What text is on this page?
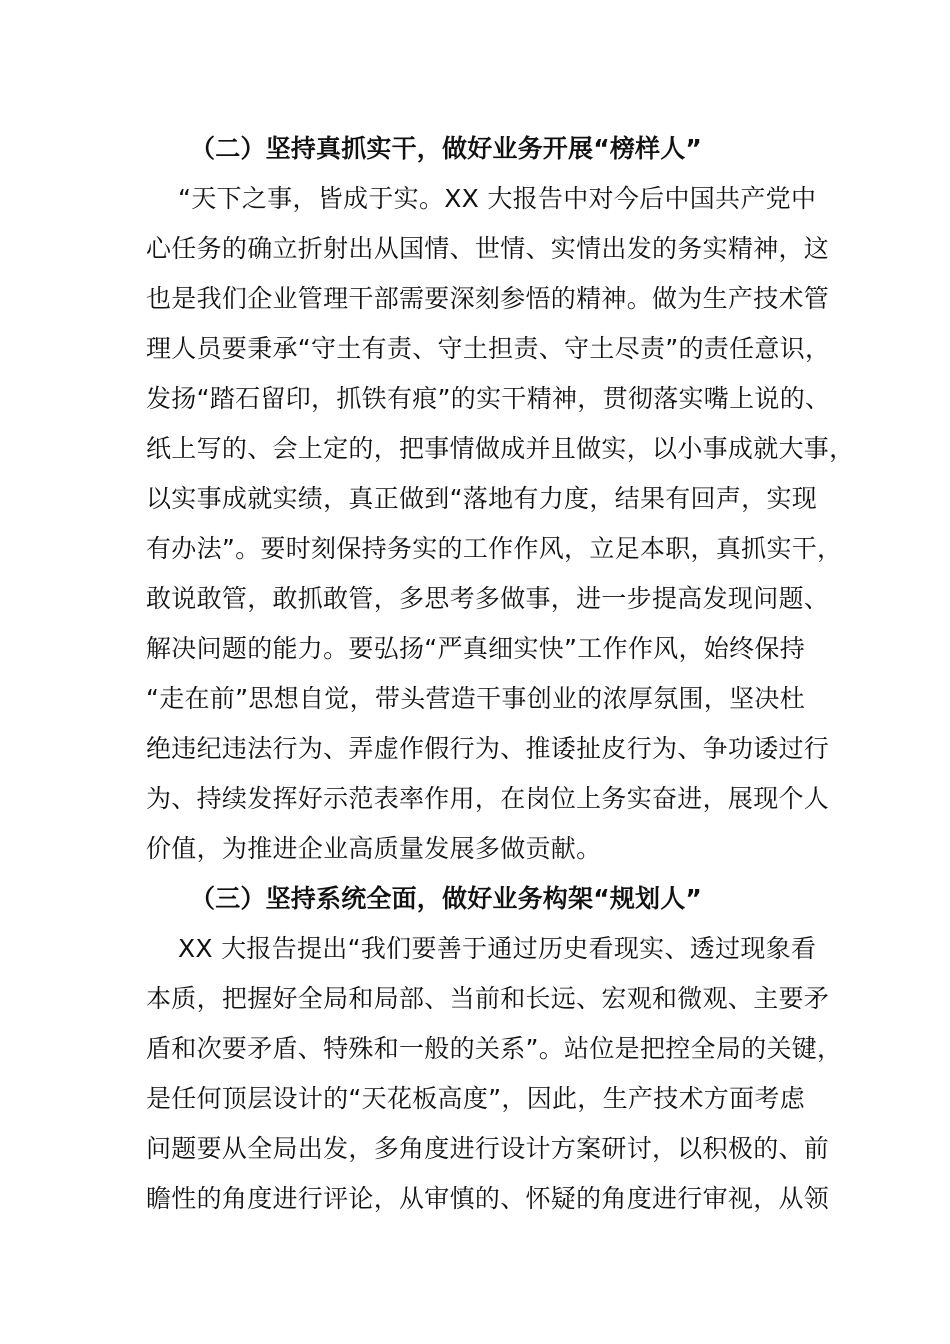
（二）坚持真抓实干，做好业务开展“榜样人”
“天下之事，皆成于实。XX 大报告中对今后中国共产党中
心任务的确立折射出从国情、世情、实情出发的务实精神，这
也是我们企业管理干部需要深刻参悟的精神。做为生产技术管
理人员要秉承“守土有责、守土担责、守土尽责”的责任意识，
发扬“踏石留印，抓铁有痕”的实干精神，贯彻落实嘴上说的、
纸上写的、会上定的，把事情做成并且做实，以小事成就大事，
以实事成就实绩，真正做到“落地有力度，结果有回声，实现
有办法”。要时刻保持务实的工作作风，立足本职，真抓实干，
敢说敢管，敢抓敢管，多思考多做事，进一步提高发现问题、
解决问题的能力。要弘扬“严真细实快”工作作风，始终保持
“走在前”思想自觉，带头营造干事创业的浓厚氛围，坚决杜
绝违纪违法行为、弄虚作假行为、推诿扯皮行为、争功诿过行
为、持续发挥好示范表率作用，在岗位上务实奋进，展现个人
价值，为推进企业高质量发展多做贡献。
（三）坚持系统全面，做好业务构架“规划人”
XX 大报告提出“我们要善于通过历史看现实、透过现象看
本质，把握好全局和局部、当前和长远、宏观和微观、主要矛
盾和次要矛盾、特殊和一般的关系”。站位是把控全局的关键，
是任何顶层设计的“天花板高度”，因此，生产技术方面考虑
问题要从全局出发，多角度进行设计方案研讨，以积极的、前
瞻性的角度进行评论，从审慎的、怀疑的角度进行审视，从领
